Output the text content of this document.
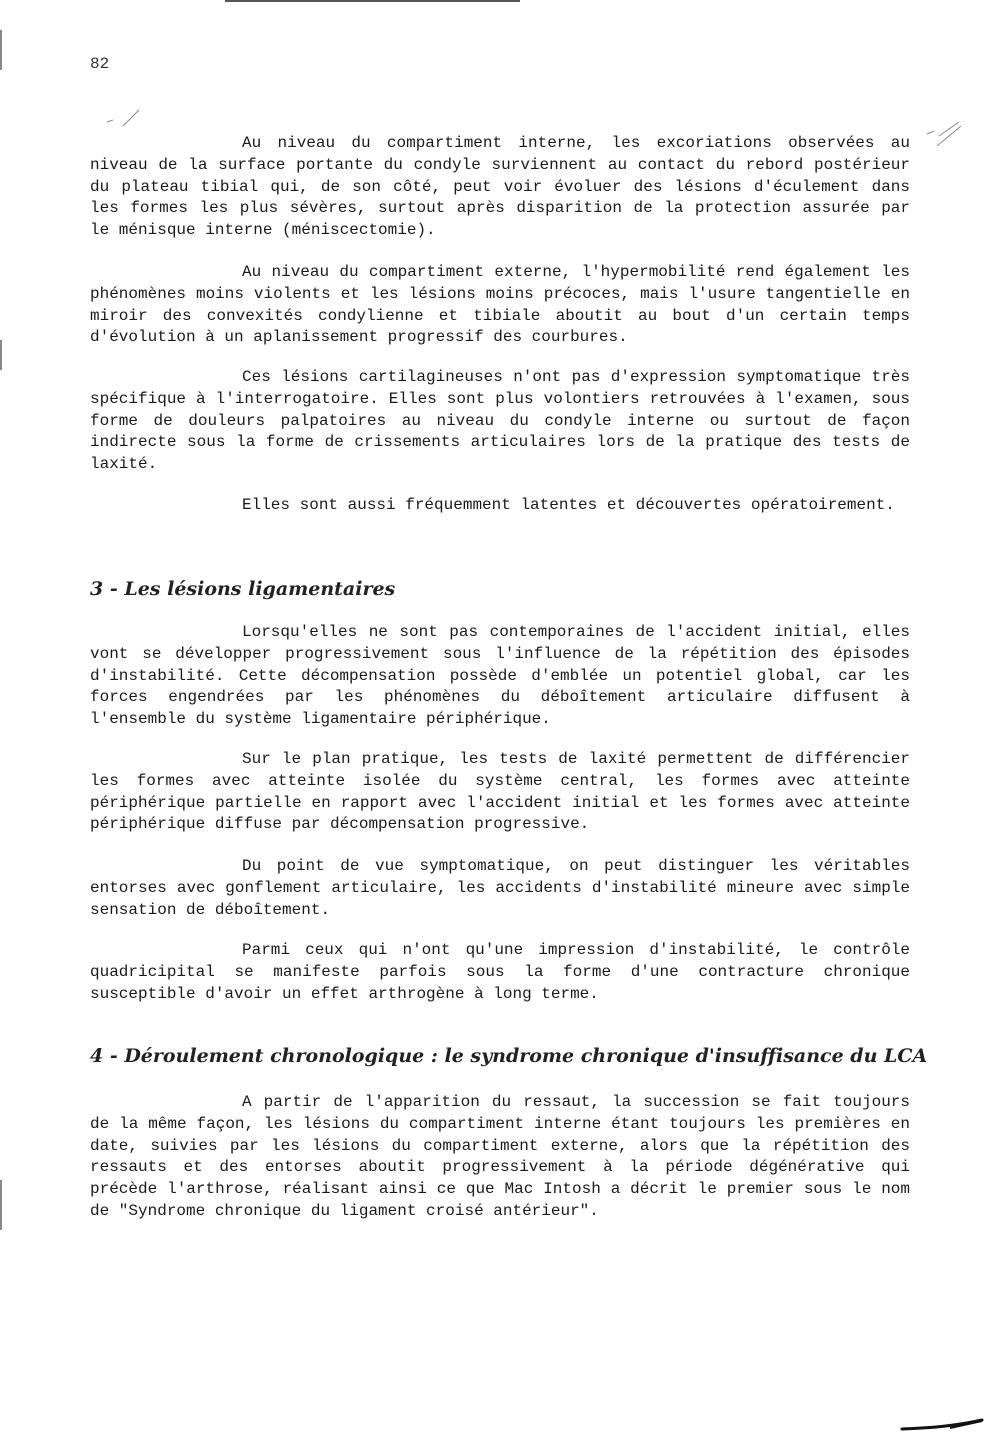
82

Au niveau du compartiment interne, les excoriations observées au niveau de la surface portante du condyle surviennent au contact du rebord postérieur du plateau tibial qui, de son côté, peut voir évoluer des lésions d'éculement dans les formes les plus sévères, surtout après disparition de la protection assurée par le ménisque interne (méniscectomie).

Au niveau du compartiment externe, l'hypermobilité rend également les phénomènes moins violents et les lésions moins précoces, mais l'usure tangentielle en miroir des convexités condylienne et tibiale aboutit au bout d'un certain temps d'évolution à un aplanissement progressif des courbures.

Ces lésions cartilagineuses n'ont pas d'expression symptomatique très spécifique à l'interrogatoire. Elles sont plus volontiers retrouvées à l'examen, sous forme de douleurs palpatoires au niveau du condyle interne ou surtout de façon indirecte sous la forme de crissements articulaires lors de la pratique des tests de laxité.

Elles sont aussi fréquemment latentes et découvertes opératoirement.

3 - Les lésions ligamentaires

Lorsqu'elles ne sont pas contemporaines de l'accident initial, elles vont se développer progressivement sous l'influence de la répétition des épisodes d'instabilité. Cette décompensation possède d'emblée un potentiel global, car les forces engendrées par les phénomènes du déboîtement articulaire diffusent à l'ensemble du système ligamentaire périphérique.

Sur le plan pratique, les tests de laxité permettent de différencier les formes avec atteinte isolée du système central, les formes avec atteinte périphérique partielle en rapport avec l'accident initial et les formes avec atteinte périphérique diffuse par décompensation progressive.

Du point de vue symptomatique, on peut distinguer les véritables entorses avec gonflement articulaire, les accidents d'instabilité mineure avec simple sensation de déboîtement.

Parmi ceux qui n'ont qu'une impression d'instabilité, le contrôle quadricipital se manifeste parfois sous la forme d'une contracture chronique susceptible d'avoir un effet arthrogène à long terme.

4 - Déroulement chronologique : le syndrome chronique d'insuffisance du LCA

A partir de l'apparition du ressaut, la succession se fait toujours de la même façon, les lésions du compartiment interne étant toujours les premières en date, suivies par les lésions du compartiment externe, alors que la répétition des ressauts et des entorses aboutit progressivement à la période dégénérative qui précède l'arthrose, réalisant ainsi ce que Mac Intosh a décrit le premier sous le nom de "Syndrome chronique du ligament croisé antérieur".
